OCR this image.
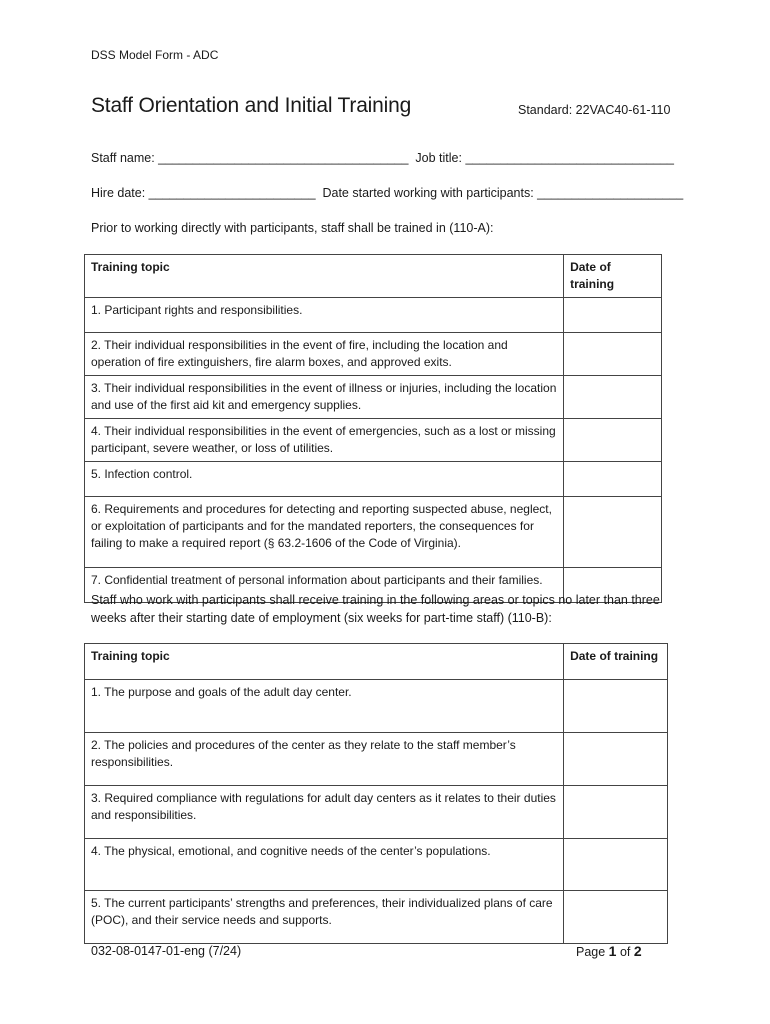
DSS Model Form - ADC
Staff Orientation and Initial Training	Standard: 22VAC40-61-110
Staff name: ____________________________________ Job title: ______________________________
Hire date: ________________________ Date started working with participants: _____________________
Prior to working directly with participants, staff shall be trained in (110-A):
Training topic	Date of training
1. Participant rights and responsibilities.	
2. Their individual responsibilities in the event of fire, including the location and operation of fire extinguishers, fire alarm boxes, and approved exits.	
3. Their individual responsibilities in the event of illness or injuries, including the location and use of the first aid kit and emergency supplies.	
4. Their individual responsibilities in the event of emergencies, such as a lost or missing participant, severe weather, or loss of utilities.	
5. Infection control.	
6. Requirements and procedures for detecting and reporting suspected abuse, neglect, or exploitation of participants and for the mandated reporters, the consequences for failing to make a required report (§ 63.2-1606 of the Code of Virginia).	
7. Confidential treatment of personal information about participants and their families.	
Staff who work with participants shall receive training in the following areas or topics no later than three weeks after their starting date of employment (six weeks for part-time staff) (110-B):
Training topic	Date of training
1. The purpose and goals of the adult day center.	
2. The policies and procedures of the center as they relate to the staff member’s responsibilities.	
3. Required compliance with regulations for adult day centers as it relates to their duties and responsibilities.	
4. The physical, emotional, and cognitive needs of the center’s populations.	
5. The current participants’ strengths and preferences, their individualized plans of care (POC), and their service needs and supports.	
032-08-0147-01-eng (7/24)	Page 1 of 2
